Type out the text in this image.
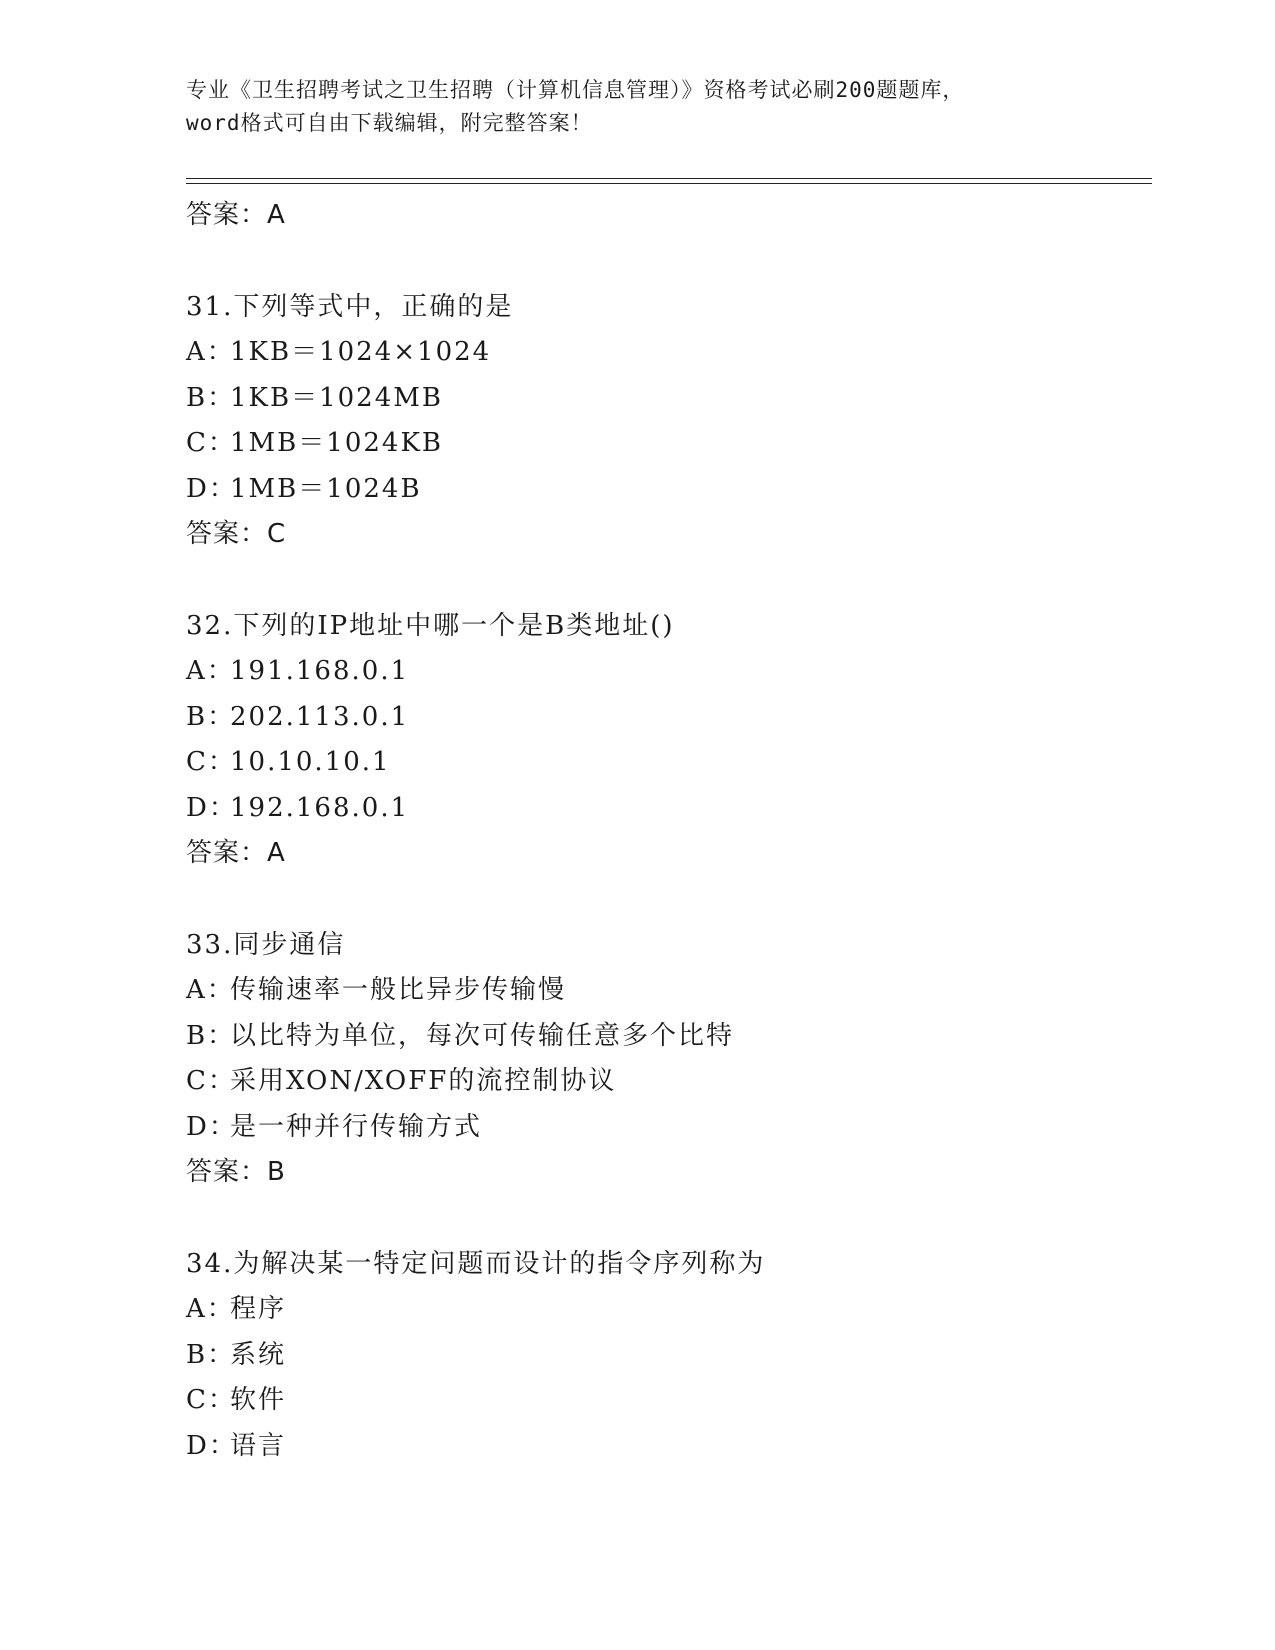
专业《卫生招聘考试之卫生招聘（计算机信息管理）》资格考试必刷200题题库，
word格式可自由下载编辑，附完整答案！
答案：A
31.下列等式中，正确的是
A：1KB＝1024×1024
B：1KB＝1024MB
C：1MB＝1024KB
D：1MB＝1024B
答案：C
32.下列的IP地址中哪一个是B类地址()
A：191.168.0.1
B：202.113.0.1
C：10.10.10.1
D：192.168.0.1
答案：A
33.同步通信
A：传输速率一般比异步传输慢
B：以比特为单位，每次可传输任意多个比特
C：采用XON/XOFF的流控制协议
D：是一种并行传输方式
答案：B
34.为解决某一特定问题而设计的指令序列称为
A：程序
B：系统
C：软件
D：语言
